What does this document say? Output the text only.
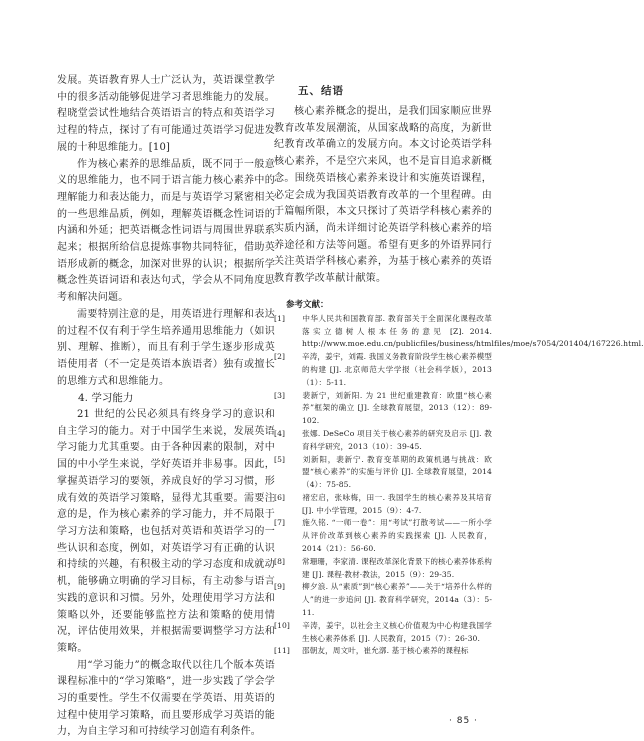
发展。英语教育界人士广泛认为，英语课堂教学中的很多活动能够促进学习者思维能力的发展。程晓堂尝试性地结合英语语言的特点和英语学习过程的特点，探讨了有可能通过英语学习促进发展的十种思维能力。[10]

作为核心素养的思维品质，既不同于一般意义的思维能力，也不同于语言能力核心素养中的理解能力和表达能力，而是与英语学习紧密相关的一些思维品质，例如，理解英语概念性词语的内涵和外延；把英语概念性词语与周围世界联系起来；根据所给信息提炼事物共同特征，借助英语形成新的概念，加深对世界的认识；根据所学概念性英语词语和表达句式，学会从不同角度思考和解决问题。

需要特别注意的是，用英语进行理解和表达的过程不仅有利于学生培养通用思维能力（如识别、理解、推断），而且有利于学生逐步形成英语使用者（不一定是英语本族语者）独有或擅长的思维方式和思维能力。

4. 学习能力

21 世纪的公民必须具有终身学习的意识和自主学习的能力。对于中国学生来说，发展英语学习能力尤其重要。由于各种因素的限制，对中国的中小学生来说，学好英语并非易事。因此，掌握英语学习的要领，养成良好的学习习惯，形成有效的英语学习策略，显得尤其重要。需要注意的是，作为核心素养的学习能力，并不局限于学习方法和策略，也包括对英语和英语学习的一些认识和态度，例如，对英语学习有正确的认识和持续的兴趣，有积极主动的学习态度和成就动机，能够确立明确的学习目标，有主动参与语言实践的意识和习惯。另外，处理使用学习方法和策略以外，还要能够监控方法和策略的使用情况，评估使用效果，并根据需要调整学习方法和策略。

用“学习能力”的概念取代以往几个版本英语课程标准中的“学习策略”，进一步实践了学会学习的重要性。学生不仅需要在学英语、用英语的过程中使用学习策略，而且要形成学习英语的能力，为自主学习和可持续学习创造有利条件。

五、结语

核心素养概念的提出，是我们国家顺应世界教育改革发展潮流，从国家战略的高度，为新世纪教育改革确立的发展方向。本文讨论英语学科核心素养，不是空穴来风，也不是盲目追求新概念。围绕英语核心素养来设计和实施英语课程，必定会成为我国英语教育改革的一个里程碑。由于篇幅所限，本文只探讨了英语学科核心素养的实质内涵，尚未详细讨论英语学科核心素养的培养途径和方法等问题。希望有更多的外语界同行关注英语学科核心素养，为基于核心素养的英语教育教学改革献计献策。

参考文献：
[1] 中华人民共和国教育部. 教育部关于全面深化课程改革 落实立德树人根本任务的意见 [Z]. 2014. http://www.moe.edu.cn/publicfiles/business/htmlfiles/moe/s7054/201404/167226.html.
[2] 辛涛，姜宇，刘霞. 我国义务教育阶段学生核心素养模型的构建 [J]. 北京师范大学学报（社会科学版），2013（1）：5-11.
[3] 裴新宁，刘新阳. 为 21 世纪重建教育：欧盟“核心素养”框架的确立 [J]. 全球教育展望，2013（12）：89-102.
[4] 张娜. DeSeCo 项目关于核心素养的研究及启示 [J]. 教育科学研究，2013（10）：39-45.
[5] 刘新阳，裴新宁. 教育变革期的政策机遇与挑战：欧盟“核心素养”的实施与评价 [J]. 全球教育展望，2014（4）：75-85.
[6] 褚宏启，张咏梅，田一. 我国学生的核心素养及其培育 [J]. 中小学管理，2015（9）：4-7.
[7] 施久铭. “一师一卷”：用“考试”打散考试——一所小学从评价改革到核心素养的实践探索 [J]. 人民教育，2014（21）：56-60.
[8] 常珊珊，李家清. 课程改革深化背景下的核心素养体系构建 [J]. 课程·教材·教法，2015（9）：29-35.
[9] 柳夕浪. 从“素质”到“核心素养”——关于“培养什么样的人”的进一步追问 [J]. 教育科学研究，2014a（3）：5-11.
[10] 辛涛，姜宇，以社会主义核心价值观为中心构建我国学生核心素养体系 [J]. 人民教育，2015（7）：26-30.
[11] 邵朝友，周文叶，崔允漷. 基于核心素养的课程标
· 85 ·
